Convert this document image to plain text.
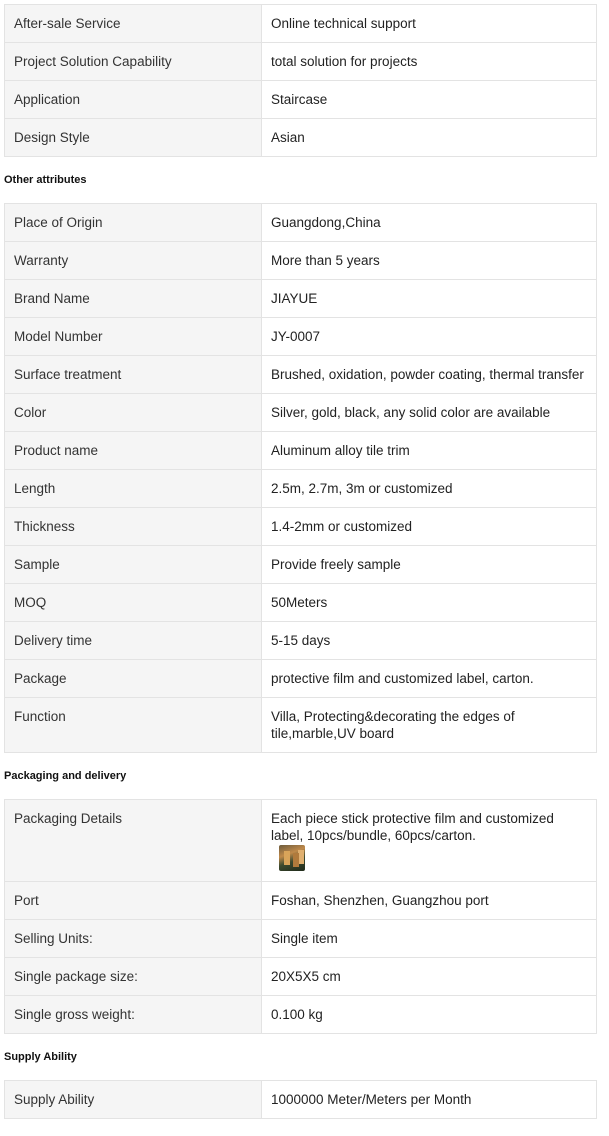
After-sale Service	Online technical support
Project Solution Capability	total solution for projects
Application	Staircase
Design Style	Asian
Other attributes
Place of Origin	Guangdong,China
Warranty	More than 5 years
Brand Name	JIAYUE
Model Number	JY-0007
Surface treatment	Brushed, oxidation, powder coating, thermal transfer
Color	Silver, gold, black, any solid color are available
Product name	Aluminum alloy tile trim
Length	2.5m, 2.7m, 3m or customized
Thickness	1.4-2mm or customized
Sample	Provide freely sample
MOQ	50Meters
Delivery time	5-15 days
Package	protective film and customized label, carton.
Function	Villa, Protecting&decorating the edges of tile,marble,UV board
Packaging and delivery
Packaging Details	Each piece stick protective film and customized label, 10pcs/bundle, 60pcs/carton.

Port	Foshan, Shenzhen, Guangzhou port
Selling Units:	Single item
Single package size:	20X5X5 cm
Single gross weight:	0.100 kg
Supply Ability
Supply Ability	1000000 Meter/Meters per Month
